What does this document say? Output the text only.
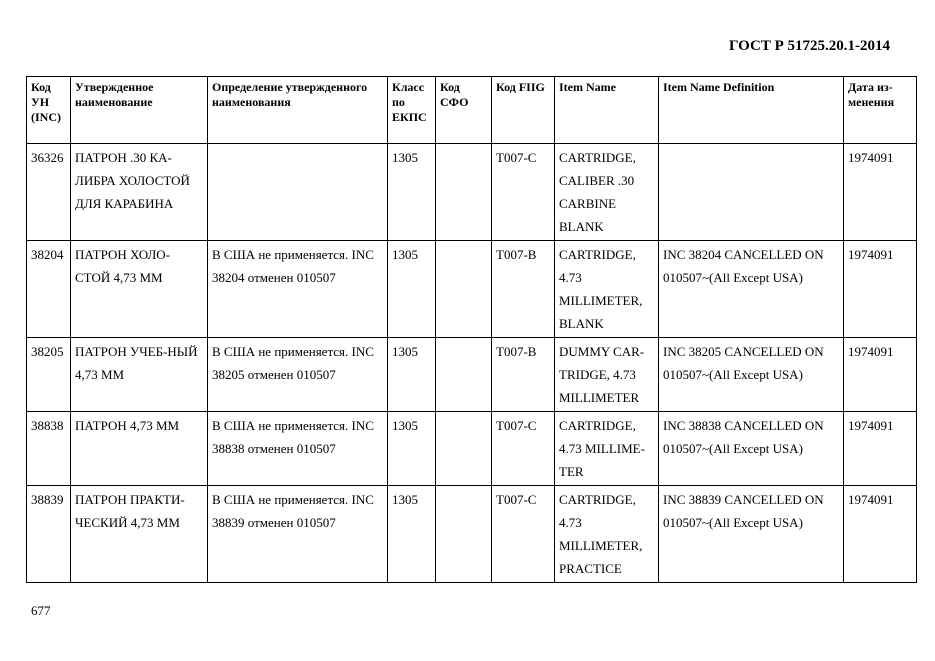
ГОСТ Р 51725.20.1-2014
Код УН (INC)	Утвержденное наименование	Определение утвержденного наименования	Класс по ЕКПС	Код СФО	Код FIIG	Item Name	Item Name Definition	Дата из-менения
36326	ПАТРОН .30 КА-ЛИБРА ХОЛОСТОЙ ДЛЯ КАРАБИНА		1305		T007-C	CARTRIDGE, CALIBER .30 CARBINE BLANK		1974091
38204	ПАТРОН ХОЛО-СТОЙ 4,73 ММ	В США не применяется. INC 38204 отменен 010507	1305		T007-B	CARTRIDGE, 4.73 MILLIMETER, BLANK	INC 38204 CANCELLED ON 010507~(All Except USA)	1974091
38205	ПАТРОН УЧЕБ-НЫЙ 4,73 ММ	В США не применяется. INC 38205 отменен 010507	1305		T007-B	DUMMY CAR-TRIDGE, 4.73 MILLIMETER	INC 38205 CANCELLED ON 010507~(All Except USA)	1974091
38838	ПАТРОН 4,73 ММ	В США не применяется. INC 38838 отменен 010507	1305		T007-C	CARTRIDGE, 4.73 MILLIME-TER	INC 38838 CANCELLED ON 010507~(All Except USA)	1974091
38839	ПАТРОН ПРАКТИ-ЧЕСКИЙ 4,73 ММ	В США не применяется. INC 38839 отменен 010507	1305		T007-C	CARTRIDGE, 4.73 MILLIMETER, PRACTICE	INC 38839 CANCELLED ON 010507~(All Except USA)	1974091
677
